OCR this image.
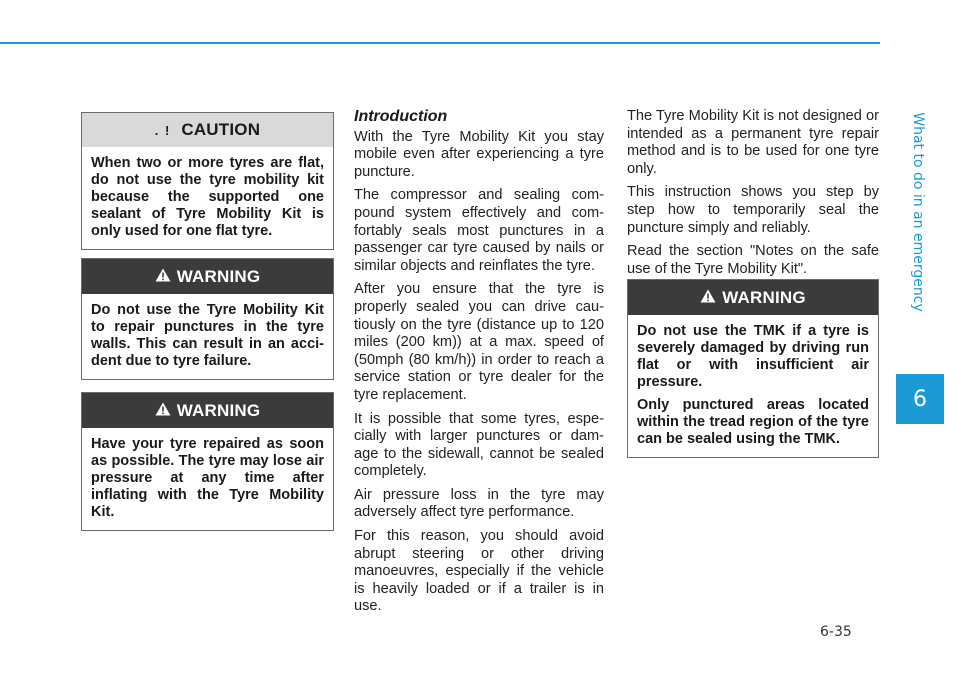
What to do in an emergency
6
. ! CAUTION

When two or more tyres are flat, do not use the tyre mobility kit because the supported one sealant of Tyre Mobility Kit is only used for one flat tyre.

WARNING

Do not use the Tyre Mobility Kit to repair punctures in the tyre walls. This can result in an acci-dent due to tyre failure.

WARNING

Have your tyre repaired as soon as possible. The tyre may lose air pressure at any time after inflating with the Tyre Mobility Kit.

Introduction

With the Tyre Mobility Kit you stay mobile even after experiencing a tyre puncture.

The compressor and sealing com-pound system effectively and com-fortably seals most punctures in a passenger car tyre caused by nails or similar objects and reinflates the tyre.

After you ensure that the tyre is properly sealed you can drive cau-tiously on the tyre (distance up to 120 miles (200 km)) at a max. speed of (50mph (80 km/h)) in order to reach a service station or tyre dealer for the tyre replacement.

It is possible that some tyres, espe-cially with larger punctures or dam-age to the sidewall, cannot be sealed completely.

Air pressure loss in the tyre may adversely affect tyre performance.

For this reason, you should avoid abrupt steering or other driving manoeuvres, especially if the vehicle is heavily loaded or if a trailer is in use.

The Tyre Mobility Kit is not designed or intended as a permanent tyre repair method and is to be used for one tyre only.

This instruction shows you step by step how to temporarily seal the puncture simply and reliably.

Read the section "Notes on the safe use of the Tyre Mobility Kit".

WARNING

Do not use the TMK if a tyre is severely damaged by driving run flat or with insufficient air pressure.

Only punctured areas located within the tread region of the tyre can be sealed using the TMK.

6-35
